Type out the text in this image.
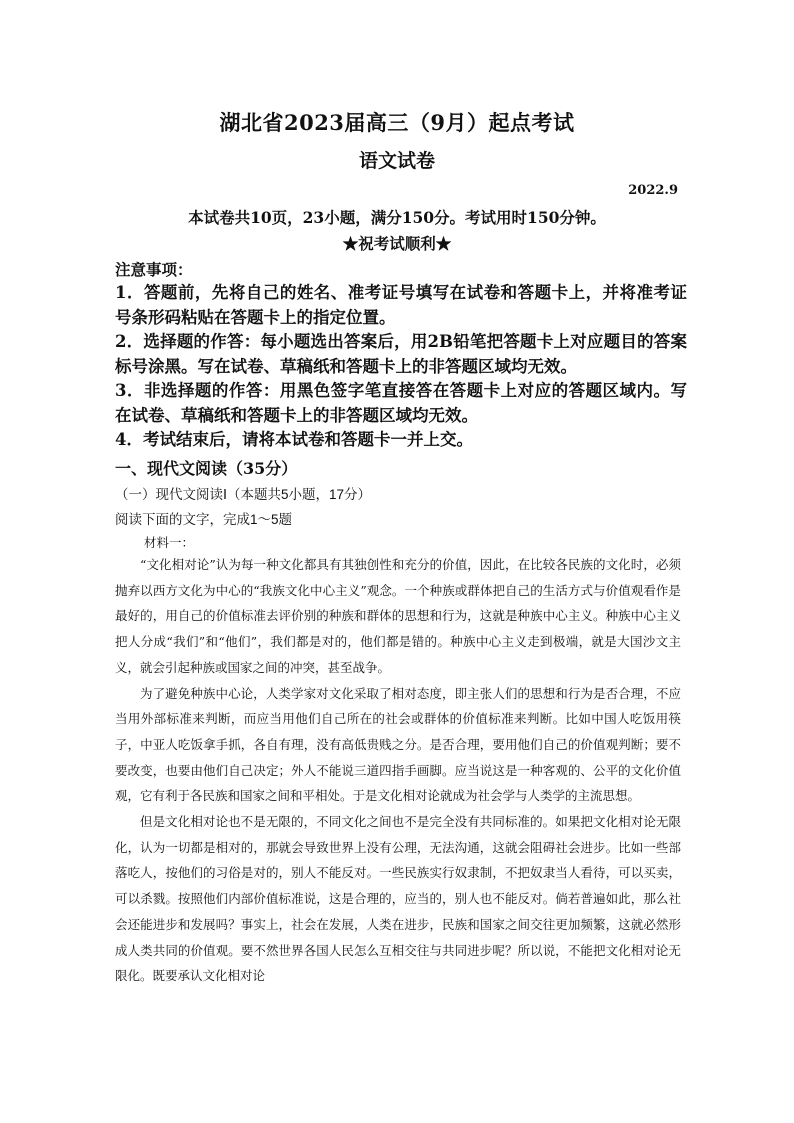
湖北省2023届高三（9月）起点考试
语文试卷
2022.9
本试卷共10页，23小题，满分150分。考试用时150分钟。
★祝考试顺利★
注意事项：

1．答题前，先将自己的姓名、准考证号填写在试卷和答题卡上，并将准考证号条形码粘贴在答题卡上的指定位置。

2．选择题的作答：每小题选出答案后，用2B铅笔把答题卡上对应题目的答案标号涂黑。写在试卷、草稿纸和答题卡上的非答题区域均无效。

3．非选择题的作答：用黑色签字笔直接答在答题卡上对应的答题区域内。写在试卷、草稿纸和答题卡上的非答题区域均无效。

4．考试结束后，请将本试卷和答题卡一并上交。

一、现代文阅读（35分）
（一）现代文阅读Ⅰ（本题共5小题，17分）
阅读下面的文字，完成1～5题
材料一：

“文化相对论”认为每一种文化都具有其独创性和充分的价值，因此，在比较各民族的文化时，必须抛弃以西方文化为中心的“我族文化中心主义”观念。一个种族或群体把自己的生活方式与价值观看作是最好的，用自己的价值标准去评价别的种族和群体的思想和行为，这就是种族中心主义。种族中心主义把人分成“我们”和“他们”，我们都是对的，他们都是错的。种族中心主义走到极端，就是大国沙文主义，就会引起种族或国家之间的冲突，甚至战争。

为了避免种族中心论，人类学家对文化采取了相对态度，即主张人们的思想和行为是否合理，不应当用外部标准来判断，而应当用他们自己所在的社会或群体的价值标准来判断。比如中国人吃饭用筷子，中亚人吃饭拿手抓，各自有理，没有高低贵贱之分。是否合理，要用他们自己的价值观判断；要不要改变，也要由他们自己决定；外人不能说三道四指手画脚。应当说这是一种客观的、公平的文化价值观，它有利于各民族和国家之间和平相处。于是文化相对论就成为社会学与人类学的主流思想。

但是文化相对论也不是无限的，不同文化之间也不是完全没有共同标准的。如果把文化相对论无限化，认为一切都是相对的，那就会导致世界上没有公理，无法沟通，这就会阻碍社会进步。比如一些部落吃人，按他们的习俗是对的，别人不能反对。一些民族实行奴隶制，不把奴隶当人看待，可以买卖，可以杀戮。按照他们内部价值标准说，这是合理的，应当的，别人也不能反对。倘若普遍如此，那么社会还能进步和发展吗？事实上，社会在发展，人类在进步，民族和国家之间交往更加频繁，这就必然形成人类共同的价值观。要不然世界各国人民怎么互相交往与共同进步呢？所以说，不能把文化相对论无限化。既要承认文化相对论
